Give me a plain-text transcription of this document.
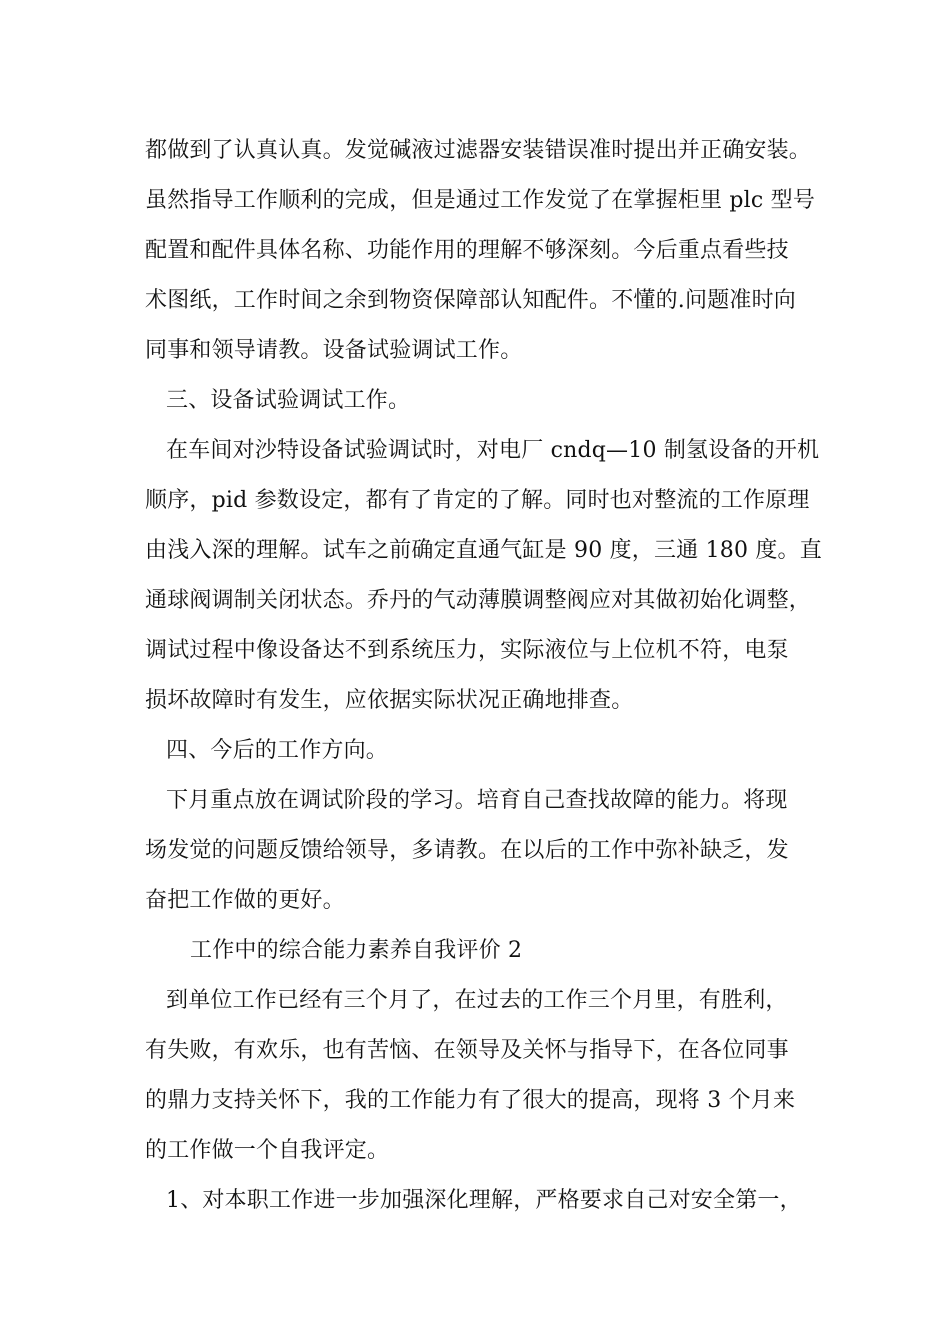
都做到了认真认真。发觉碱液过滤器安装错误准时提出并正确安装。
虽然指导工作顺利的完成，但是通过工作发觉了在掌握柜里 plc 型号
配置和配件具体名称、功能作用的理解不够深刻。今后重点看些技
术图纸，工作时间之余到物资保障部认知配件。不懂的.问题准时向
同事和领导请教。设备试验调试工作。
三、设备试验调试工作。
在车间对沙特设备试验调试时，对电厂 cndq—10 制氢设备的开机
顺序，pid 参数设定，都有了肯定的了解。同时也对整流的工作原理
由浅入深的理解。试车之前确定直通气缸是 90 度，三通 180 度。直
通球阀调制关闭状态。乔丹的气动薄膜调整阀应对其做初始化调整，
调试过程中像设备达不到系统压力，实际液位与上位机不符，电泵
损坏故障时有发生，应依据实际状况正确地排查。
四、今后的工作方向。
下月重点放在调试阶段的学习。培育自己查找故障的能力。将现
场发觉的问题反馈给领导，多请教。在以后的工作中弥补缺乏，发
奋把工作做的更好。
工作中的综合能力素养自我评价 2
到单位工作已经有三个月了，在过去的工作三个月里，有胜利，
有失败，有欢乐，也有苦恼、在领导及关怀与指导下，在各位同事
的鼎力支持关怀下，我的工作能力有了很大的提高，现将 3 个月来
的工作做一个自我评定。
1、对本职工作进一步加强深化理解，严格要求自己对安全第一，
